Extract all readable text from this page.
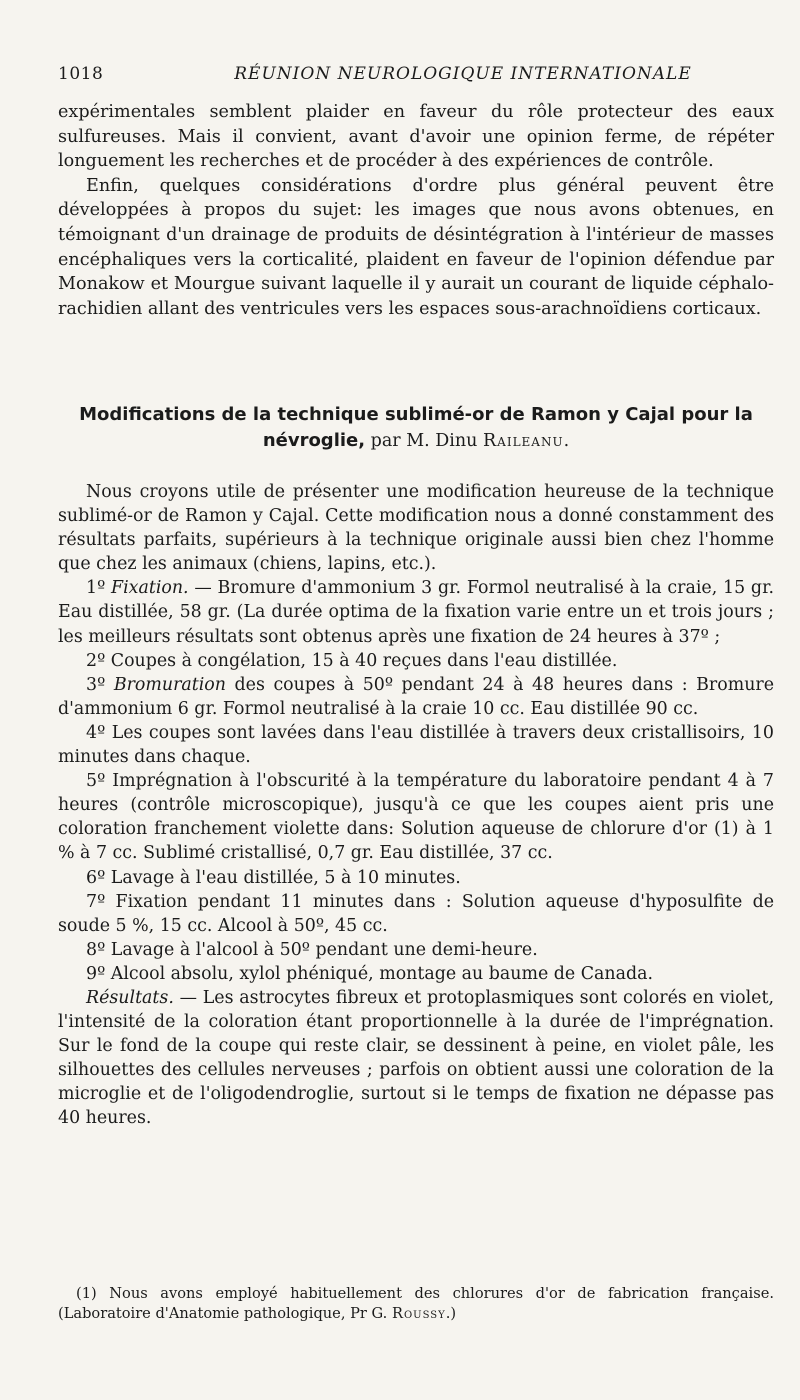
1018	RÉUNION NEUROLOGIQUE INTERNATIONALE

expérimentales semblent plaider en faveur du rôle protecteur des eaux sulfureuses. Mais il convient, avant d'avoir une opinion ferme, de répéter longuement les recherches et de procéder à des expériences de contrôle.

Enfin, quelques considérations d'ordre plus général peuvent être développées à propos du sujet: les images que nous avons obtenues, en témoignant d'un drainage de produits de désintégration à l'intérieur de masses encéphaliques vers la corticalité, plaident en faveur de l'opinion défendue par Monakow et Mourgue suivant laquelle il y aurait un courant de liquide céphalo-rachidien allant des ventricules vers les espaces sous-arachnoïdiens corticaux.

Modifications de la technique sublimé-or de Ramon y Cajal pour la névroglie, par M. Dinu Raileanu.

Nous croyons utile de présenter une modification heureuse de la technique sublimé-or de Ramon y Cajal. Cette modification nous a donné constamment des résultats parfaits, supérieurs à la technique originale aussi bien chez l'homme que chez les animaux (chiens, lapins, etc.).

1º Fixation. — Bromure d'ammonium 3 gr. Formol neutralisé à la craie, 15 gr. Eau distillée, 58 gr. (La durée optima de la fixation varie entre un et trois jours ; les meilleurs résultats sont obtenus après une fixation de 24 heures à 37º ;

2º Coupes à congélation, 15 à 40 reçues dans l'eau distillée.

3º Bromuration des coupes à 50º pendant 24 à 48 heures dans : Bromure d'ammonium 6 gr. Formol neutralisé à la craie 10 cc. Eau distillée 90 cc.

4º Les coupes sont lavées dans l'eau distillée à travers deux cristallisoirs, 10 minutes dans chaque.

5º Imprégnation à l'obscurité à la température du laboratoire pendant 4 à 7 heures (contrôle microscopique), jusqu'à ce que les coupes aient pris une coloration franchement violette dans: Solution aqueuse de chlorure d'or (1) à 1 % à 7 cc. Sublimé cristallisé, 0,7 gr. Eau distillée, 37 cc.

6º Lavage à l'eau distillée, 5 à 10 minutes.

7º Fixation pendant 11 minutes dans : Solution aqueuse d'hyposulfite de soude 5 %, 15 cc. Alcool à 50º, 45 cc.

8º Lavage à l'alcool à 50º pendant une demi-heure.

9º Alcool absolu, xylol phéniqué, montage au baume de Canada.

Résultats. — Les astrocytes fibreux et protoplasmiques sont colorés en violet, l'intensité de la coloration étant proportionnelle à la durée de l'imprégnation. Sur le fond de la coupe qui reste clair, se dessinent à peine, en violet pâle, les silhouettes des cellules nerveuses ; parfois on obtient aussi une coloration de la microglie et de l'oligodendroglie, surtout si le temps de fixation ne dépasse pas 40 heures.

(1) Nous avons employé habituellement des chlorures d'or de fabrication française. (Laboratoire d'Anatomie pathologique, Pr G. Roussy.)
